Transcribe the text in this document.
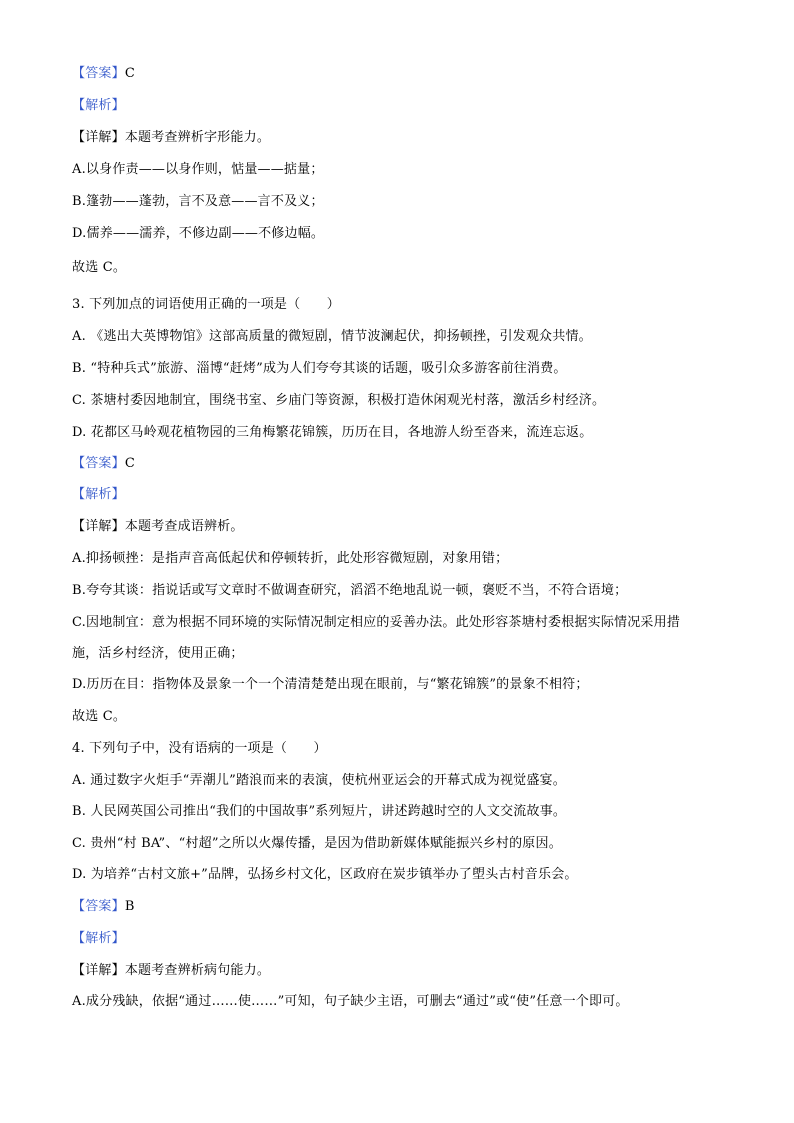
【答案】C
【解析】
【详解】本题考查辨析字形能力。
A.以身作责——以身作则，惦量——掂量；
B.篷勃——蓬勃，言不及意——言不及义；
D.儒养——濡养，不修边副——不修边幅。
故选 C。
3. 下列加点的词语使用正确的一项是（　　）
A. 《逃出大英博物馆》这部高质量的微短剧，情节波澜起伏，抑扬顿挫，引发观众共情。
B. “特种兵式”旅游、淄博“赶烤”成为人们夸夸其谈的话题，吸引众多游客前往消费。
C. 茶塘村委因地制宜，围绕书室、乡庙门等资源，积极打造休闲观光村落，激活乡村经济。
D. 花都区马岭观花植物园的三角梅繁花锦簇，历历在目，各地游人纷至沓来，流连忘返。
【答案】C
【解析】
【详解】本题考查成语辨析。
A.抑扬顿挫：是指声音高低起伏和停顿转折，此处形容微短剧，对象用错；
B.夸夸其谈：指说话或写文章时不做调查研究，滔滔不绝地乱说一顿，褒贬不当，不符合语境；
C.因地制宜：意为根据不同环境的实际情况制定相应的妥善办法。此处形容茶塘村委根据实际情况采用措
施，活乡村经济，使用正确；
D.历历在目：指物体及景象一个一个清清楚楚出现在眼前，与“繁花锦簇”的景象不相符；
故选 C。
4. 下列句子中，没有语病的一项是（　　）
A. 通过数字火炬手“弄潮儿”踏浪而来的表演，使杭州亚运会的开幕式成为视觉盛宴。
B. 人民网英国公司推出“我们的中国故事”系列短片，讲述跨越时空的人文交流故事。
C. 贵州“村 BA”、“村超”之所以火爆传播，是因为借助新媒体赋能振兴乡村的原因。
D. 为培养“古村文旅+”品牌，弘扬乡村文化，区政府在炭步镇举办了塱头古村音乐会。
【答案】B
【解析】
【详解】本题考查辨析病句能力。
A.成分残缺，依据“通过……使……”可知，句子缺少主语，可删去“通过”或“使”任意一个即可。
